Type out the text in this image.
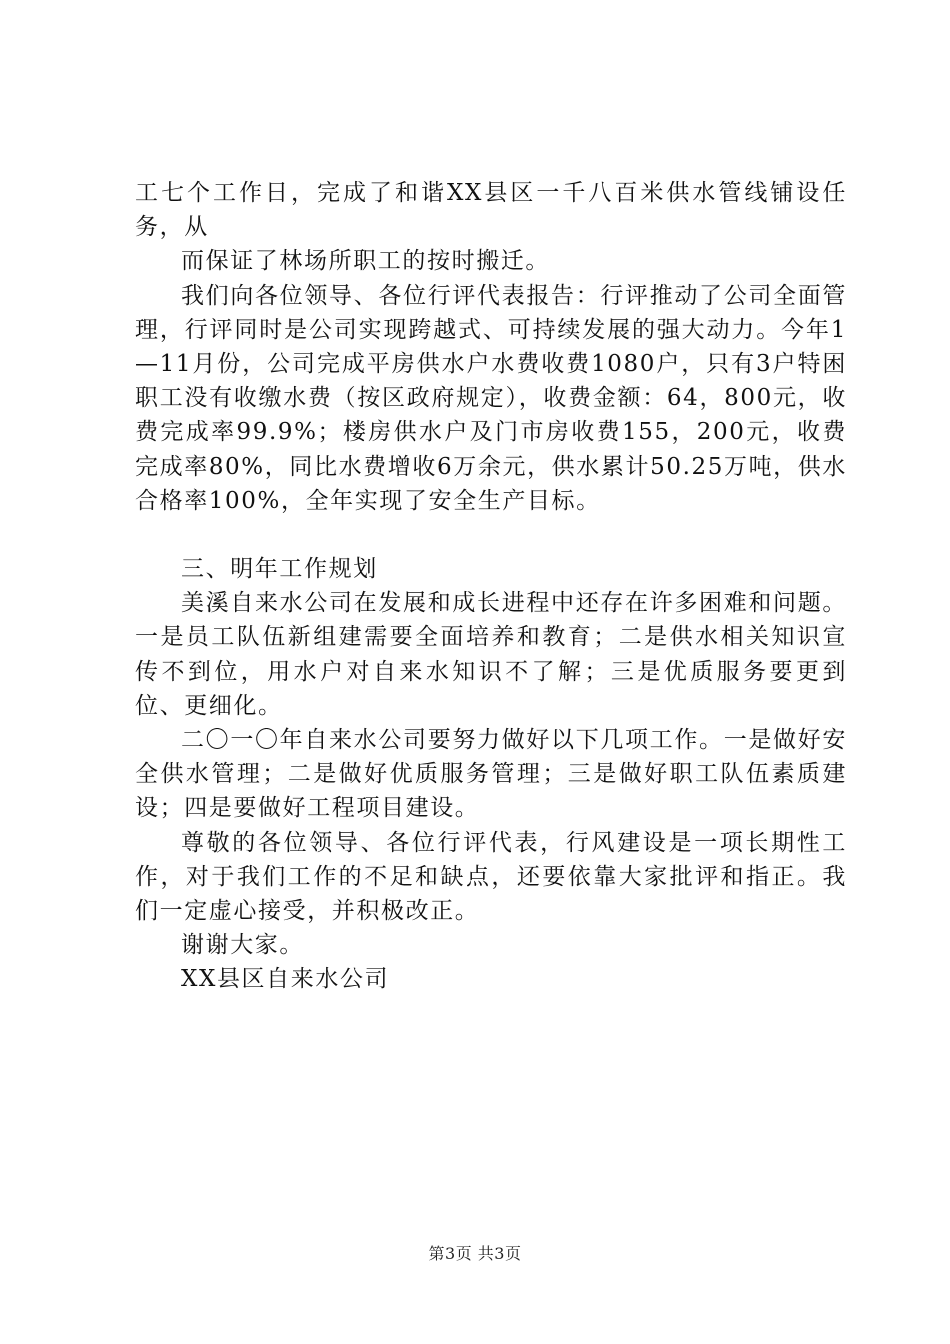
工七个工作日，完成了和谐XX县区一千八百米供水管线铺设任务，从

而保证了林场所职工的按时搬迁。

我们向各位领导、各位行评代表报告：行评推动了公司全面管理，行评同时是公司实现跨越式、可持续发展的强大动力。今年1—11月份，公司完成平房供水户水费收费1080户，只有3户特困职工没有收缴水费（按区政府规定），收费金额：64，800元，收费完成率99.9%；楼房供水户及门市房收费155，200元，收费完成率80%，同比水费增收6万余元，供水累计50.25万吨，供水合格率100%，全年实现了安全生产目标。

三、明年工作规划

美溪自来水公司在发展和成长进程中还存在许多困难和问题。一是员工队伍新组建需要全面培养和教育；二是供水相关知识宣传不到位，用水户对自来水知识不了解；三是优质服务要更到位、更细化。

二〇一〇年自来水公司要努力做好以下几项工作。一是做好安全供水管理；二是做好优质服务管理；三是做好职工队伍素质建设；四是要做好工程项目建设。

尊敬的各位领导、各位行评代表，行风建设是一项长期性工作，对于我们工作的不足和缺点，还要依靠大家批评和指正。我们一定虚心接受，并积极改正。

谢谢大家。

XX县区自来水公司

第3页 共3页
